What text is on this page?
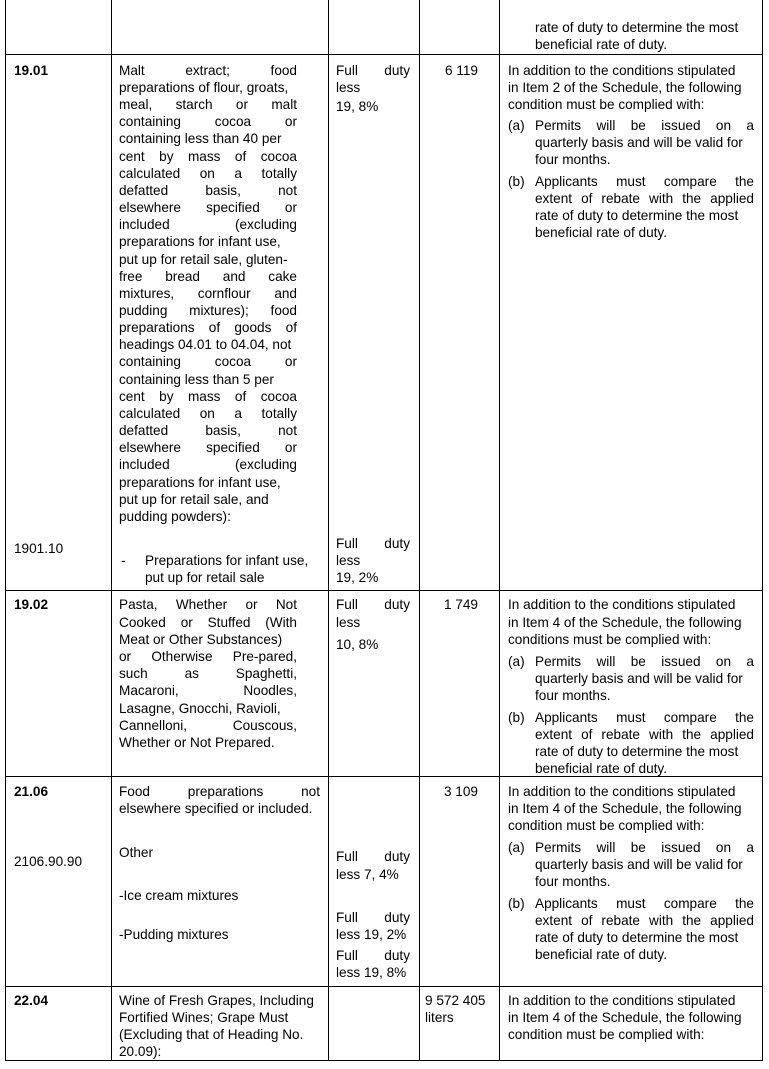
rate of duty to determine the most
beneficial rate of duty.
19.01
1901.10
Malt extract; food
preparations of flour, groats,
meal, starch or malt
containing cocoa or
containing less than 40 per
cent by mass of cocoa
calculated on a totally
defatted basis, not
elsewhere specified or
included (excluding
preparations for infant use,
put up for retail sale, gluten-
free bread and cake
mixtures, cornflour and
pudding mixtures); food
preparations of goods of
headings 04.01 to 04.04, not
containing cocoa or
containing less than 5 per
cent by mass of cocoa
calculated on a totally
defatted basis, not
elsewhere specified or
included (excluding
preparations for infant use,
put up for retail sale, and
pudding powders):
- Preparations for infant use,
put up for retail sale
Full duty
less
19, 8%
Full duty
less
19, 2%
6 119 In addition to the conditions stipulated
in Item 2 of the Schedule, the following
condition must be complied with:
(a) Permits will be issued on a
quarterly basis and will be valid for
four months.
(b) Applicants must compare the
extent of rebate with the applied
rate of duty to determine the most
beneficial rate of duty.
19.02	Pasta, Whether or Not
Cooked or Stuffed (With
Meat or Other Substances)
or Otherwise Pre-pared,
such as Spaghetti,
Macaroni, Noodles,
Lasagne, Gnocchi, Ravioli,
Cannelloni, Couscous,
Whether or Not Prepared.
Full duty
less
10, 8%
1 749 In addition to the conditions stipulated
in Item 4 of the Schedule, the following
conditions must be complied with:
(a) Permits will be issued on a
quarterly basis and will be valid for
four months.
(b) Applicants must compare the
extent of rebate with the applied
rate of duty to determine the most
beneficial rate of duty.
21.06
2106.90.90
Food preparations not
elsewhere specified or included.
Other
-Ice cream mixtures
-Pudding mixtures
Full duty
less 7, 4%
Full duty
less 19, 2%
Full duty
less 19, 8%
3 109 In addition to the conditions stipulated
in Item 4 of the Schedule, the following
condition must be complied with:
(a) Permits will be issued on a
quarterly basis and will be valid for
four months.
(b) Applicants must compare the
extent of rebate with the applied
rate of duty to determine the most
beneficial rate of duty.
22.04	Wine of Fresh Grapes, Including
Fortified Wines; Grape Must
(Excluding that of Heading No.
20.09):
9 572 405
liters
In addition to the conditions stipulated
in Item 4 of the Schedule, the following
condition must be complied with:
